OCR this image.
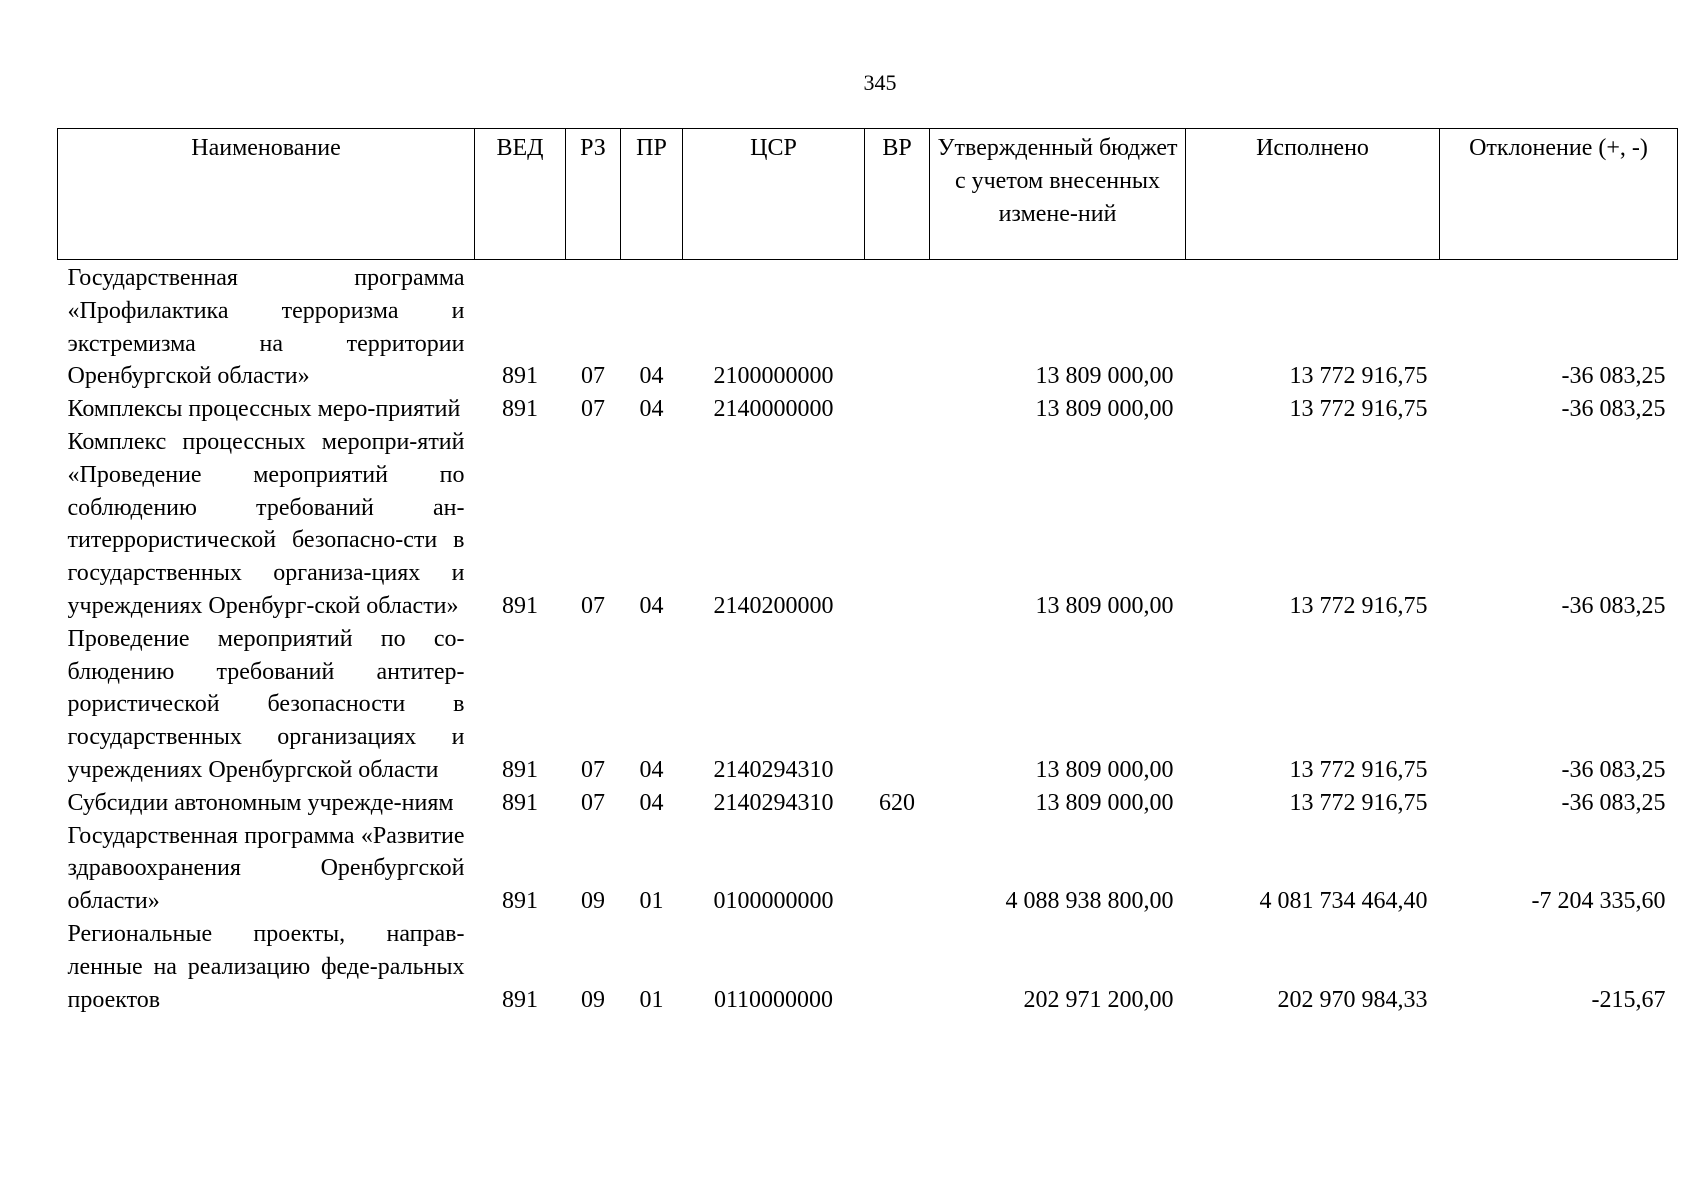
345
Наименование	ВЕД	РЗ	ПР	ЦСР	ВР	Утвержденный бюджет с учетом внесенных измене-ний	Исполнено	Отклонение (+, -)
Государственная программа «Профилактика терроризма и экстремизма на территории Оренбургской области»	891	07	04	2100000000		13 809 000,00	13 772 916,75	-36 083,25
Комплексы процессных меро-приятий	891	07	04	2140000000		13 809 000,00	13 772 916,75	-36 083,25
Комплекс процессных меропри-ятий «Проведение мероприятий по соблюдению требований ан-титеррористической безопасно-сти в государственных организа-циях и учреждениях Оренбург-ской области»	891	07	04	2140200000		13 809 000,00	13 772 916,75	-36 083,25
Проведение мероприятий по со-блюдению требований антитер-рористической безопасности в государственных организациях и учреждениях Оренбургской области	891	07	04	2140294310		13 809 000,00	13 772 916,75	-36 083,25
Субсидии автономным учрежде-ниям	891	07	04	2140294310	620	13 809 000,00	13 772 916,75	-36 083,25
Государственная программа «Развитие здравоохранения Оренбургской области»	891	09	01	0100000000		4 088 938 800,00	4 081 734 464,40	-7 204 335,60
Региональные проекты, направ-ленные на реализацию феде-ральных проектов	891	09	01	0110000000		202 971 200,00	202 970 984,33	-215,67
